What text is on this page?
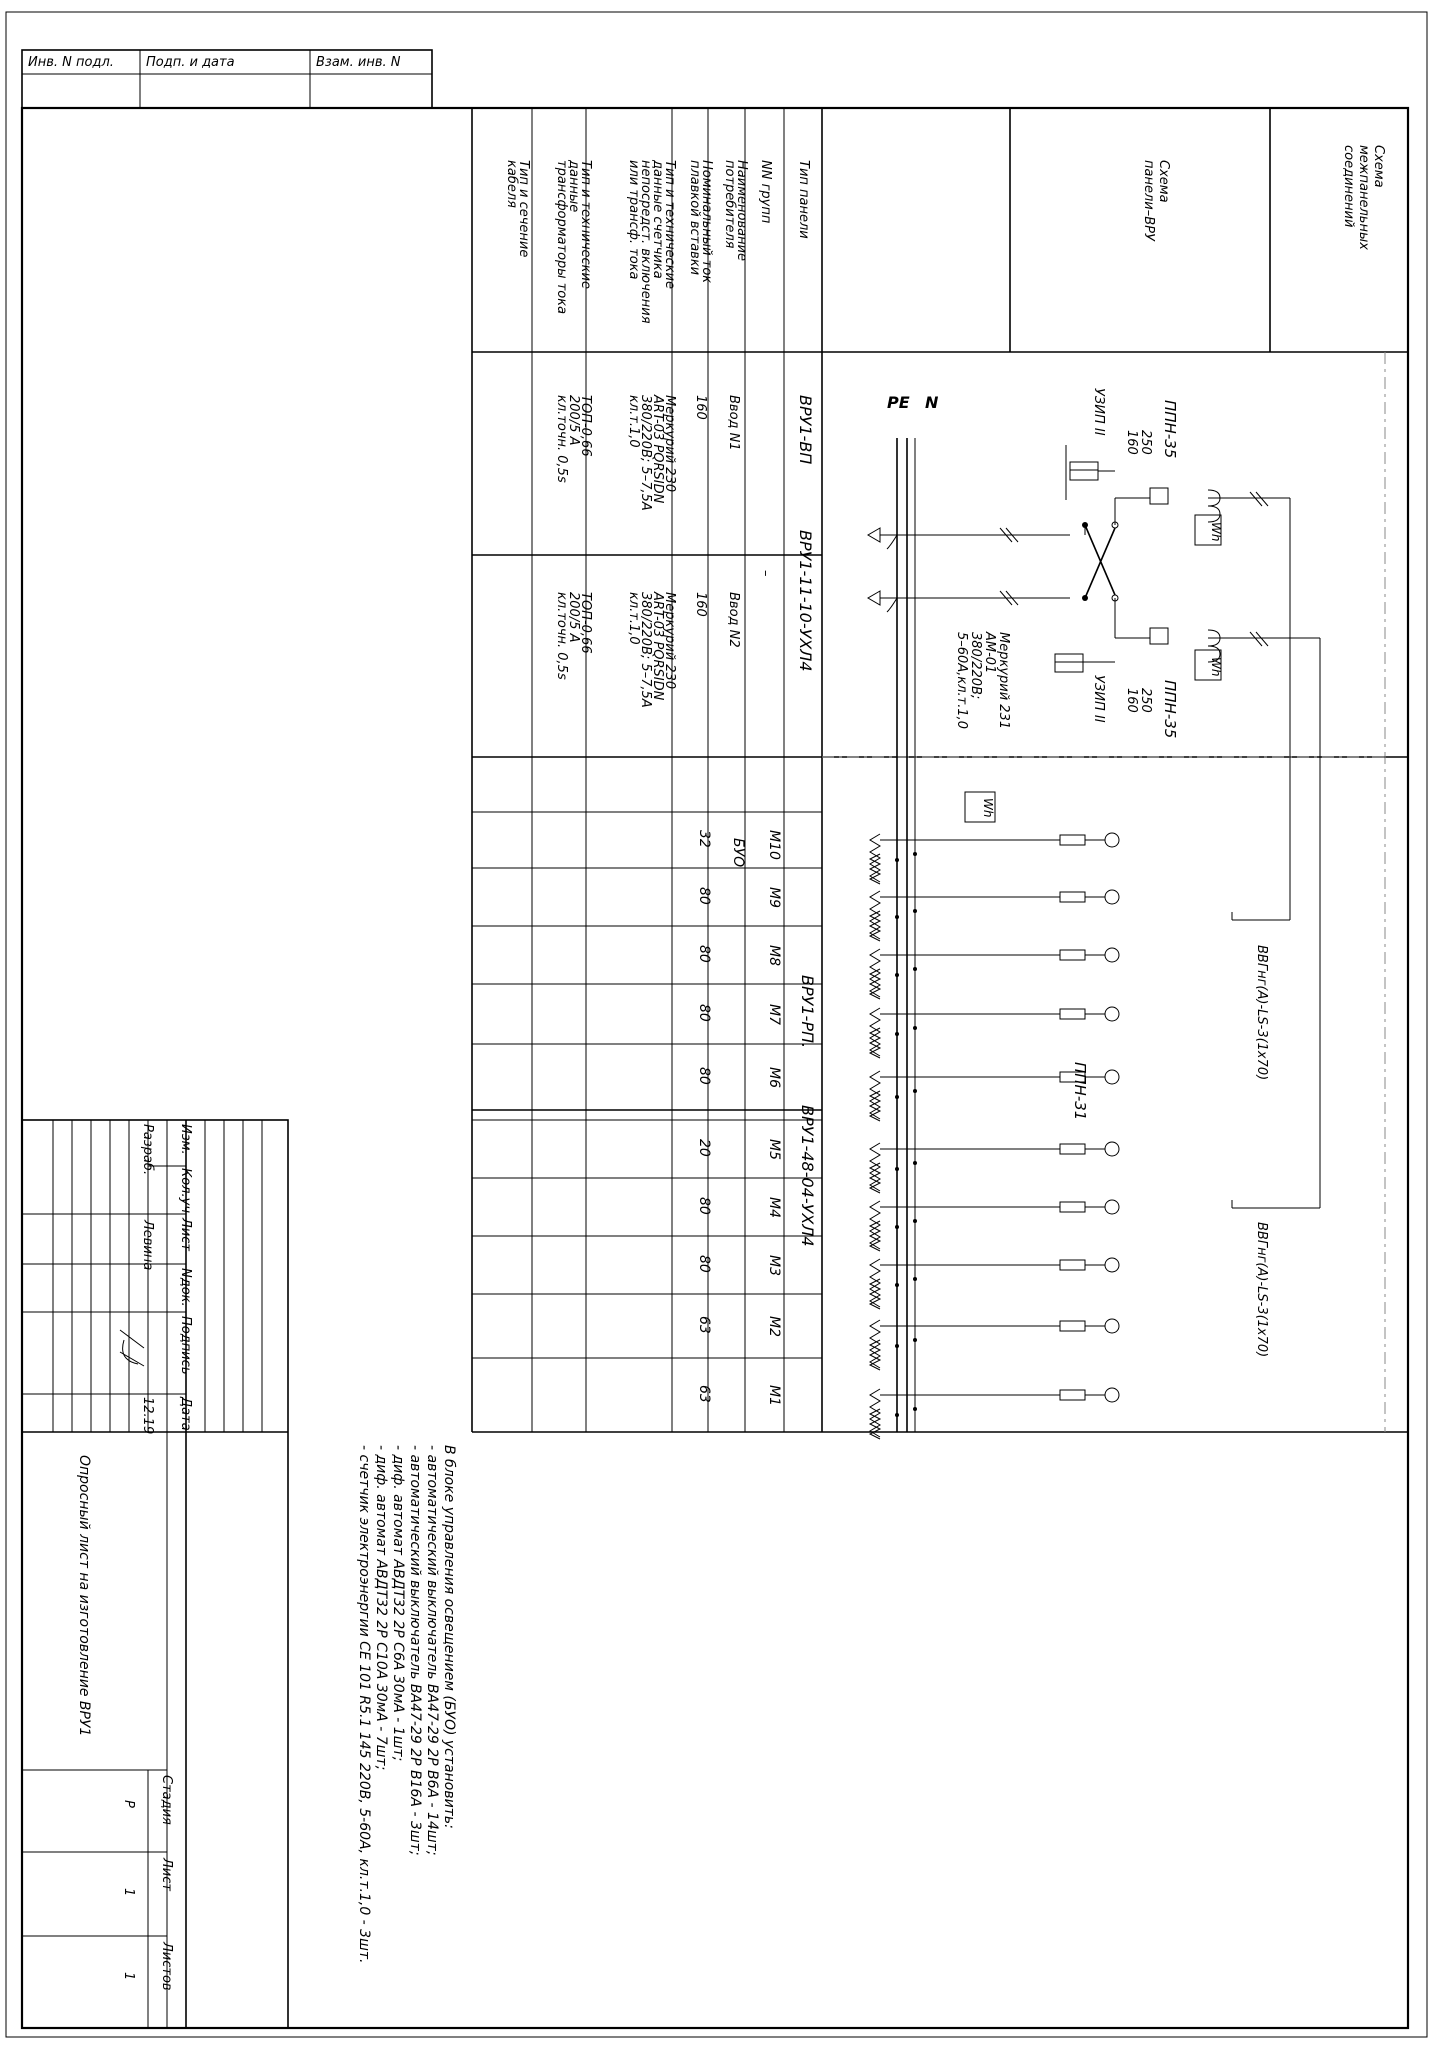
Инв. N подл. Подп. и дата	Взам. инв. N
Схема
межпанельных
соединений
Схема
панели–ВРУ
Тип панели
NN групп
Наименование
потребителя
Номинальный ток
плавкой вставки
Тип и технические
данные счетчика
непосредст. включения
или трансф. тока
Тип и технические
данные
трансформаторы тока
Тип и сечение
кабеля
ВРУ1-ВП
ВРУ1-11-10-УХЛ4
–
Ввод N1
160
Меркурий 230
ART-03 PQRSIDN
380/220В; 5–7,5А
кл.т.1,0
ТОП-0,66
200/5 А
кл.точн. 0,5s
Ввод N2
160
Меркурий 230
ART-03 PQRSIDN
380/220В; 5–7,5А
кл.т.1,0
ТОП-0,66
200/5 А
кл.точн. 0,5s
ВРУ1-РП.
ВРУ1-48-04-УХЛ4
БУО М10
М9
М8
М7
М6
М5
М4
М3
М2
М1
32
80
80
80
80
20
80
80
63
63
N
PE	ППН-35
250
160
УЗИП II
Wh
ППН-35
250
160
УЗИП II
Wh
Меркурий 231
AM-01
380/220В;
5–60А,кл.т.1,0
Wh
ППН-31
ВВГнг(А)-LS-3(1х70)
ВВГнг(А)-LS-3(1х70)
В блоке управления освещением (БУО) установить:
- автоматический выключатель ВА47-29 2P B6А - 14шт;
- автоматический выключатель ВА47-29 2P B16А - 3шт;
- диф. автомат АВДТ32 2Р С6А 30мА - 1шт;
- диф. автомат АВДТ32 2Р С10А 30мА - 7шт;
- счетчик электроэнергии CE 101 R5.1 145 220В, 5-60А, кл.т.1,0 - 3шт.
Изм.
Кол.уч
Лист
Nдок.
Подпись
Дата
Разраб.
Левина
12.19
Опросный лист на изготовление ВРУ1
Стадия
Лист
Листов
Р
1
1
